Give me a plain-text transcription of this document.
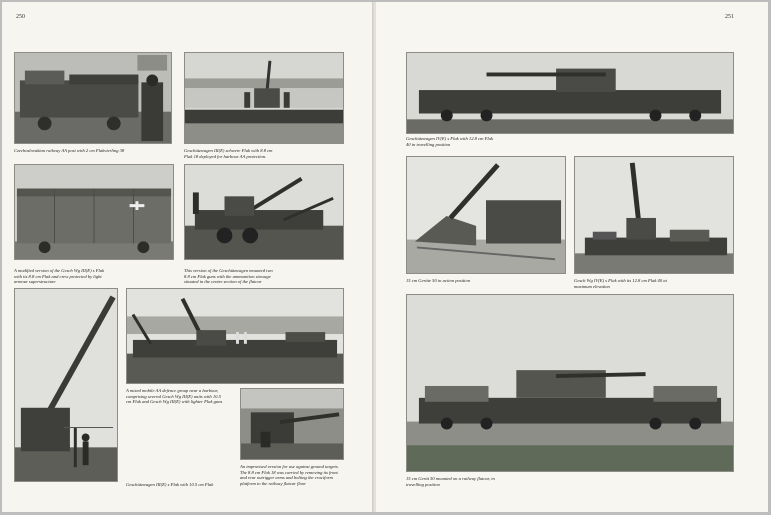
250
Czechoslovakian railway AA post with 2 cm Flakvierling 38	Geschützwagen III(E) schwere Flak with 8.8 cm
Flak 18 deployed for harbour AA protection.
A modified version of the Gesch Wg III(E) s Flak
with its 8.8 cm Flak and crew protected by light
armour superstructure
This version of the Geschützwagen mounted two
8.8 cm Flak guns with the ammunition stowage
situated in the centre section of the flatcar
A mixed mobile AA defence group near a harbour,
comprising several Gesch Wg III(E) units with 10.5
cm Flak and Gesch Wg III(E) with lighter Flak guns
An improvised version for use against ground targets.
The 8.8 cm Flak 18 was carried by removing its front
and rear outrigger arms and bolting the cruciform
platform to the railway flatcar floor
Geschützwagen III(E) s Flak with 10.5 cm Flak
251
Geschützwagen IV(E) s Flak with 12.8 cm Flak
40 in travelling position
15 cm Geräte 50 in action position	Gesch Wg IV(E) s Flak with its 12.8 cm Flak 40 at
maximum elevation
15 cm Gerät 50 mounted on a railway flatcar, in
travelling position
